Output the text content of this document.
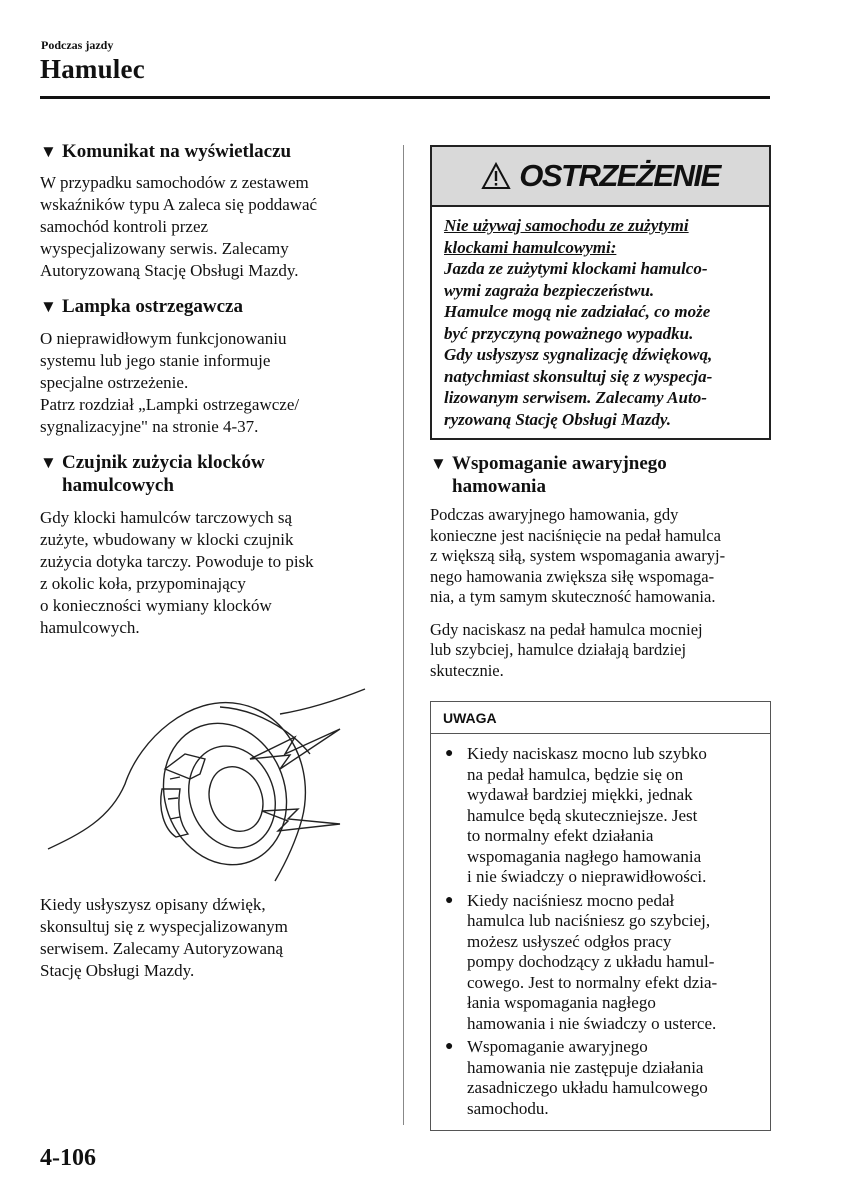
Podczas jazdy
Hamulec
▼ Komunikat na wyświetlaczu
W przypadku samochodów z zestawem
wskaźników typu A zaleca się poddawać
samochód kontroli przez
wyspecjalizowany serwis. Zalecamy
Autoryzowaną Stację Obsługi Mazdy.
▼ Lampka ostrzegawcza
O nieprawidłowym funkcjonowaniu
systemu lub jego stanie informuje
specjalne ostrzeżenie.
Patrz rozdział „Lampki ostrzegawcze/
sygnalizacyjne" na stronie 4-37.
▼ Czujnik zużycia klocków
hamulcowych
Gdy klocki hamulców tarczowych są
zużyte, wbudowany w klocki czujnik
zużycia dotyka tarczy. Powoduje to pisk
z okolic koła, przypominający
o konieczności wymiany klocków
hamulcowych.
Kiedy usłyszysz opisany dźwięk,
skonsultuj się z wyspecjalizowanym
serwisem. Zalecamy Autoryzowaną
Stację Obsługi Mazdy.
OSTRZEŻENIE
Nie używaj samochodu ze zużytymi
klockami hamulcowymi:
Jazda ze zużytymi klockami hamulco-
wymi zagraża bezpieczeństwu.
Hamulce mogą nie zadziałać, co może
być przyczyną poważnego wypadku.
Gdy usłyszysz sygnalizację dźwiękową,
natychmiast skonsultuj się z wyspecja-
lizowanym serwisem. Zalecamy Auto-
ryzowaną Stację Obsługi Mazdy.
▼ Wspomaganie awaryjnego
hamowania
Podczas awaryjnego hamowania, gdy
konieczne jest naciśnięcie na pedał hamulca
z większą siłą, system wspomagania awaryj-
nego hamowania zwiększa siłę wspomaga-
nia, a tym samym skuteczność hamowania.
Gdy naciskasz na pedał hamulca mocniej
lub szybciej, hamulce działają bardziej
skutecznie.
UWAGA
● Kiedy naciskasz mocno lub szybko
na pedał hamulca, będzie się on
wydawał bardziej miękki, jednak
hamulce będą skuteczniejsze. Jest
to normalny efekt działania
wspomagania nagłego hamowania
i nie świadczy o nieprawidłowości.
● Kiedy naciśniesz mocno pedał
hamulca lub naciśniesz go szybciej,
możesz usłyszeć odgłos pracy
pompy dochodzący z układu hamul-
cowego. Jest to normalny efekt dzia-
łania wspomagania nagłego
hamowania i nie świadczy o usterce.
● Wspomaganie awaryjnego
hamowania nie zastępuje działania
zasadniczego układu hamulcowego
samochodu.
4-106
